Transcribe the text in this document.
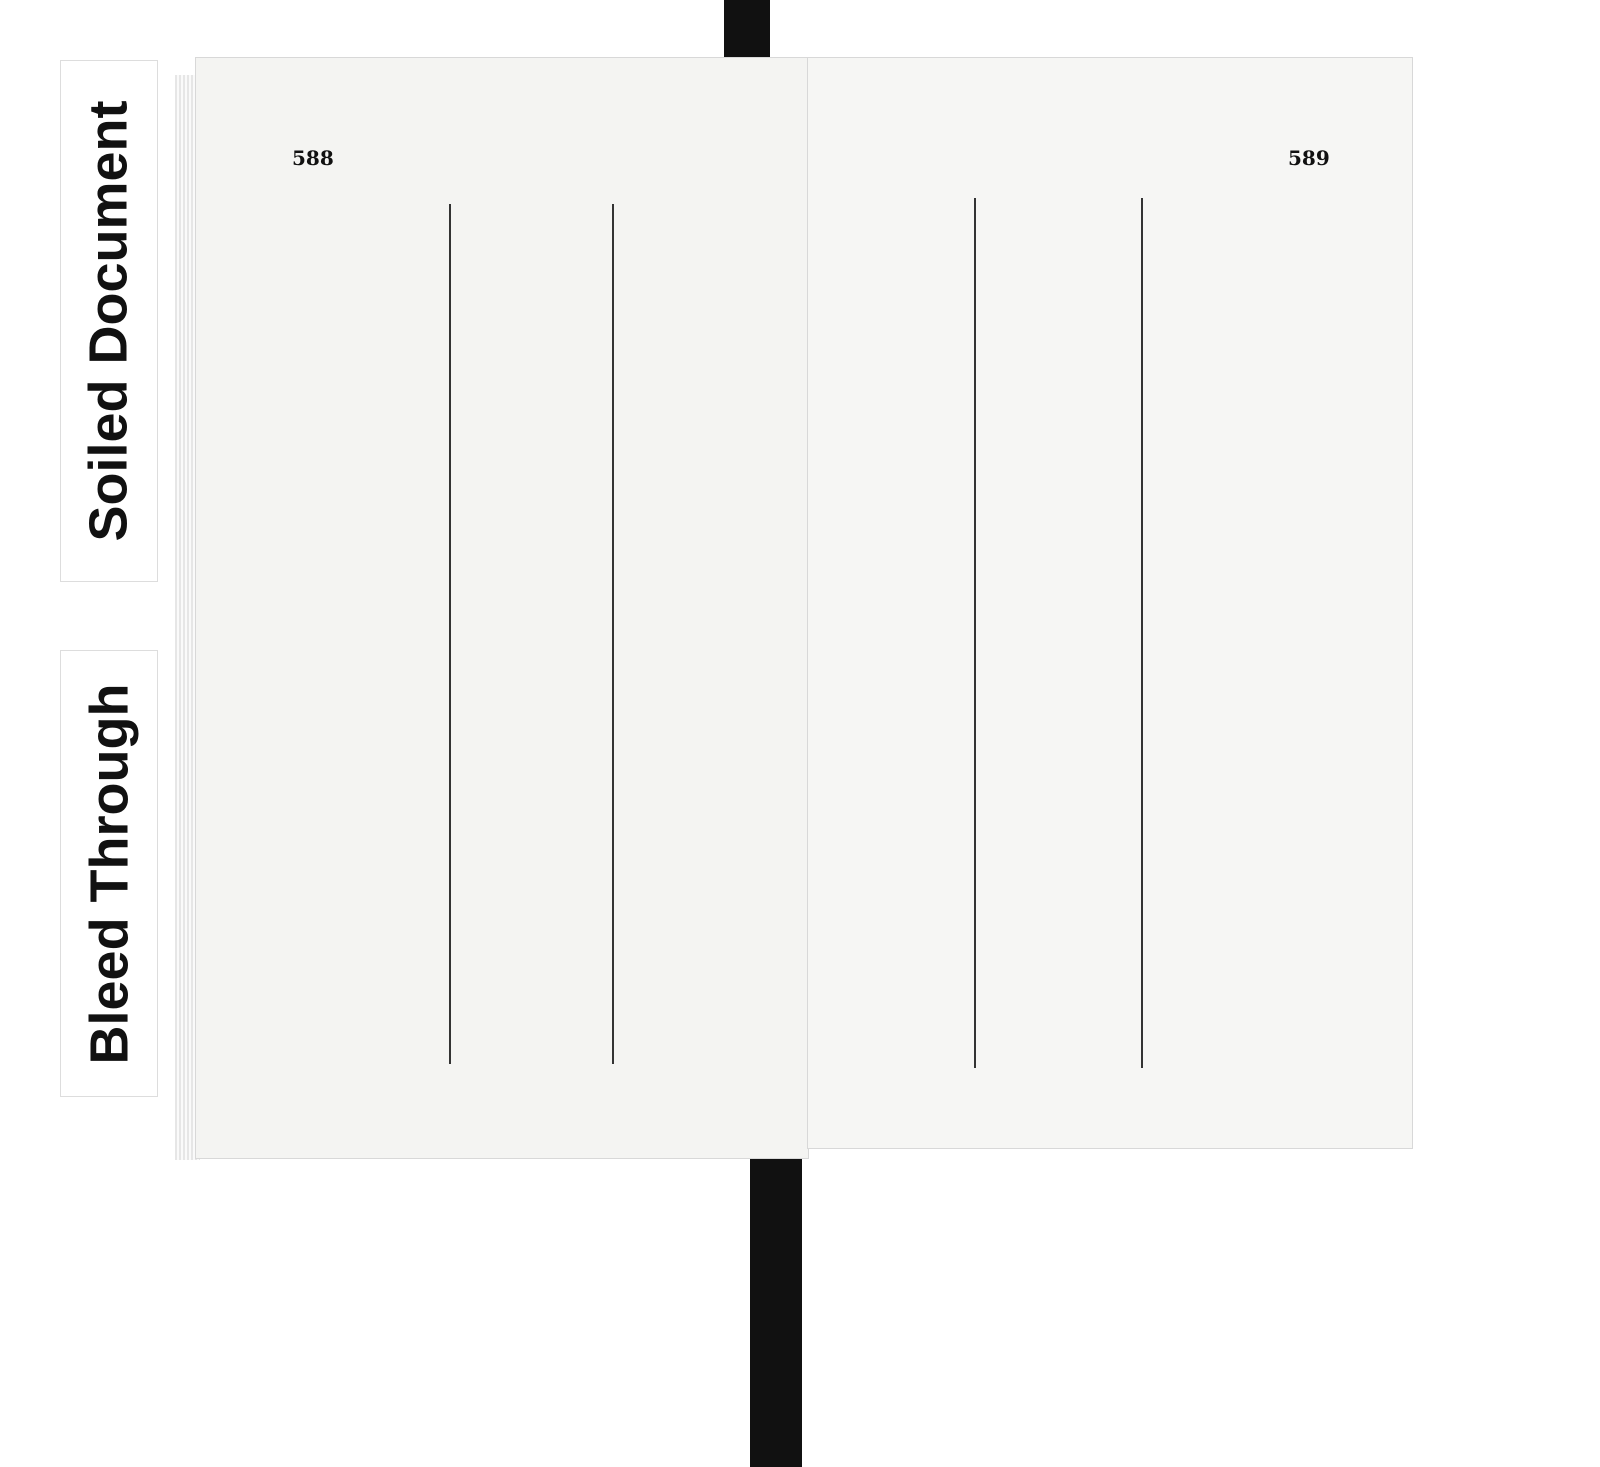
Soiled Document
Bleed Through
588	589
